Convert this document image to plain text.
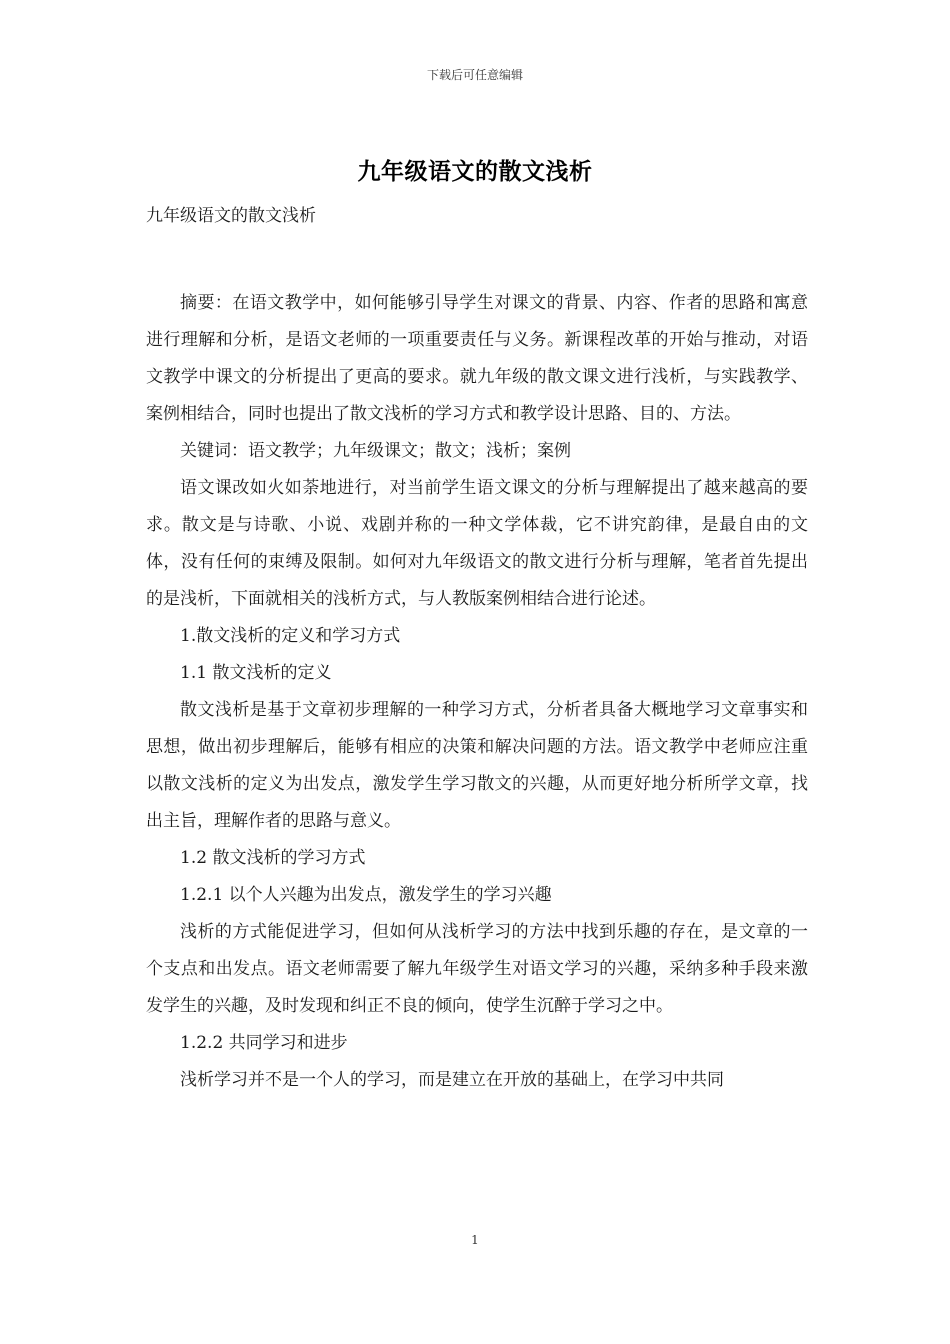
下载后可任意编辑
九年级语文的散文浅析

九年级语文的散文浅析

摘要：在语文教学中，如何能够引导学生对课文的背景、内容、作者的思路和寓意进行理解和分析，是语文老师的一项重要责任与义务。新课程改革的开始与推动，对语文教学中课文的分析提出了更高的要求。就九年级的散文课文进行浅析，与实践教学、案例相结合，同时也提出了散文浅析的学习方式和教学设计思路、目的、方法。

关键词：语文教学；九年级课文；散文；浅析；案例

语文课改如火如荼地进行，对当前学生语文课文的分析与理解提出了越来越高的要求。散文是与诗歌、小说、戏剧并称的一种文学体裁，它不讲究韵律，是最自由的文体，没有任何的束缚及限制。如何对九年级语文的散文进行分析与理解，笔者首先提出的是浅析，下面就相关的浅析方式，与人教版案例相结合进行论述。

1.散文浅析的定义和学习方式

1.1 散文浅析的定义

散文浅析是基于文章初步理解的一种学习方式，分析者具备大概地学习文章事实和思想，做出初步理解后，能够有相应的决策和解决问题的方法。语文教学中老师应注重以散文浅析的定义为出发点，激发学生学习散文的兴趣，从而更好地分析所学文章，找出主旨，理解作者的思路与意义。

1.2 散文浅析的学习方式

1.2.1 以个人兴趣为出发点，激发学生的学习兴趣

浅析的方式能促进学习，但如何从浅析学习的方法中找到乐趣的存在，是文章的一个支点和出发点。语文老师需要了解九年级学生对语文学习的兴趣，采纳多种手段来激发学生的兴趣，及时发现和纠正不良的倾向，使学生沉醉于学习之中。

1.2.2 共同学习和进步

浅析学习并不是一个人的学习，而是建立在开放的基础上，在学习中共同

1
